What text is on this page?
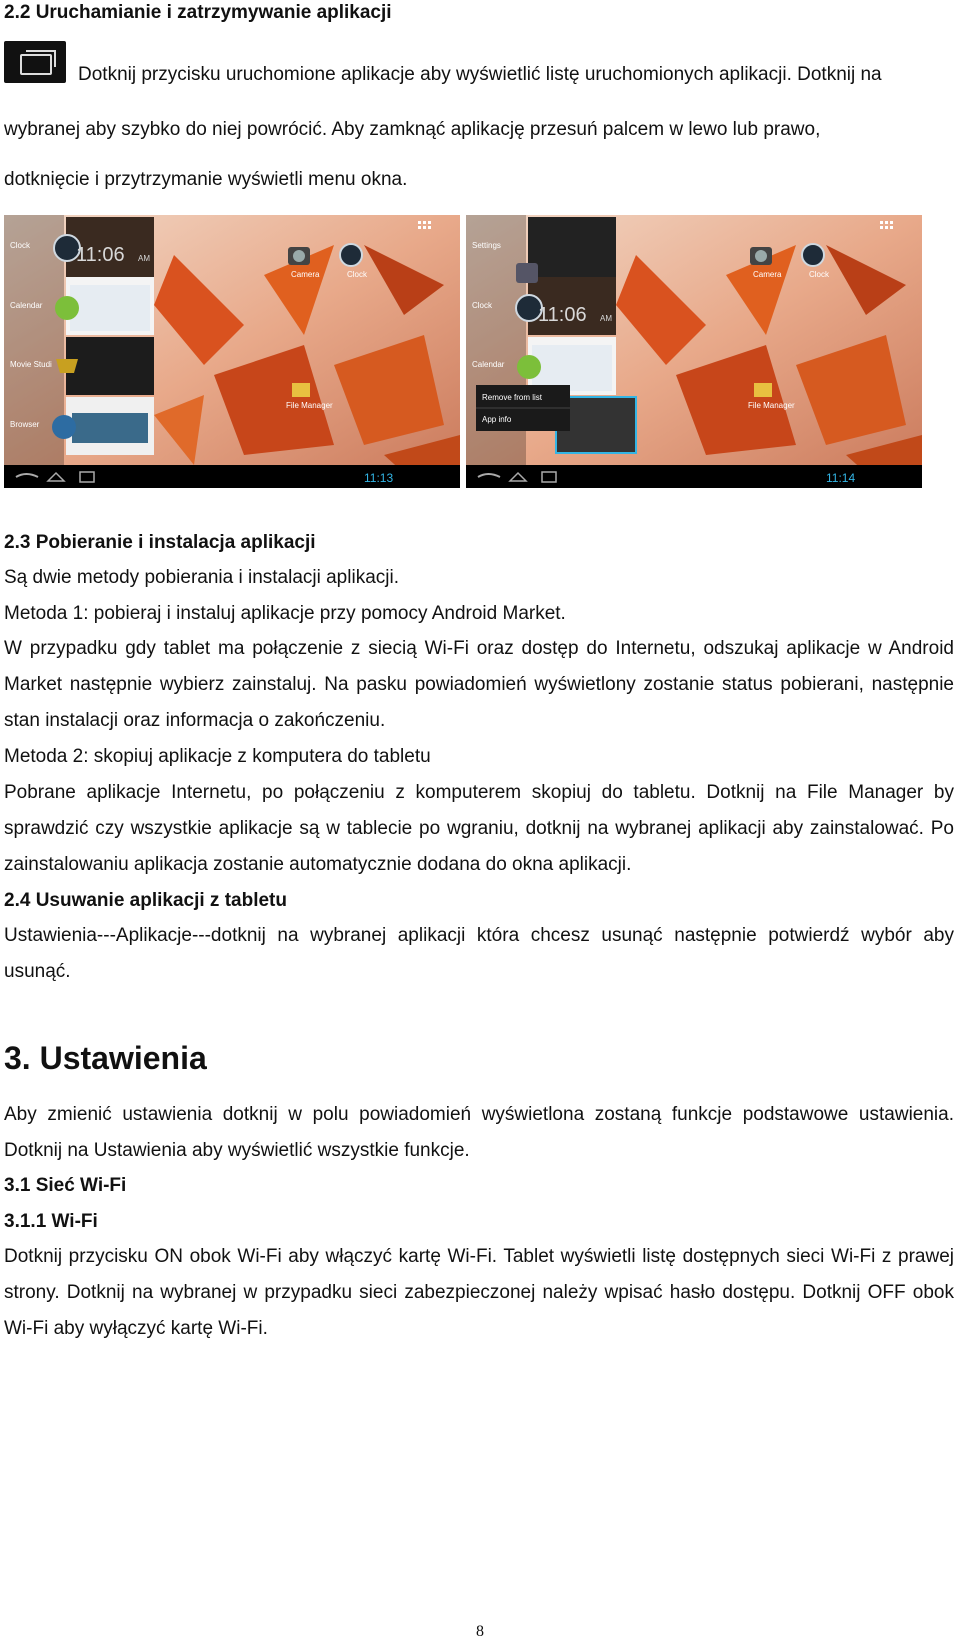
2.2 Uruchamianie i zatrzymywanie aplikacji
Dotknij przycisku uruchomione aplikacje aby wyświetlić listę uruchomionych aplikacji. Dotknij na
wybranej aby szybko do niej powrócić. Aby zamknąć aplikację przesuń palcem w lewo lub prawo,
dotknięcie i przytrzymanie wyświetli menu okna.
Clock
Calendar
Movie Studi
Browser
11:06 AM
Camera	Clock
File Manager
11:13
Settings
Clock
Calendar
11:06 AM
Remove from list
App info
Camera	Clock
File Manager
11:14
2.3 Pobieranie i instalacja aplikacji
Są dwie metody pobierania i instalacji aplikacji.
Metoda 1: pobieraj i instaluj aplikacje przy pomocy Android Market.
W przypadku gdy tablet ma połączenie z siecią Wi-Fi oraz dostęp do Internetu, odszukaj aplikacje w Android Market następnie wybierz zainstaluj. Na pasku powiadomień wyświetlony zostanie status pobierani, następnie stan instalacji oraz informacja o zakończeniu.
Metoda 2: skopiuj aplikacje z komputera do tabletu
Pobrane aplikacje Internetu, po połączeniu z komputerem skopiuj do tabletu. Dotknij na File Manager by sprawdzić czy wszystkie aplikacje są w tablecie po wgraniu, dotknij na wybranej aplikacji aby zainstalować. Po zainstalowaniu aplikacja zostanie automatycznie dodana do okna aplikacji.
2.4 Usuwanie aplikacji z tabletu
Ustawienia---Aplikacje---dotknij na wybranej aplikacji która chcesz usunąć następnie potwierdź wybór aby usunąć.
3. Ustawienia
Aby zmienić ustawienia dotknij w polu powiadomień wyświetlona zostaną funkcje podstawowe ustawienia. Dotknij na Ustawienia aby wyświetlić wszystkie funkcje.
3.1 Sieć Wi-Fi
3.1.1 Wi-Fi
Dotknij przycisku ON obok Wi-Fi aby włączyć kartę Wi-Fi. Tablet wyświetli listę dostępnych sieci Wi-Fi z prawej strony. Dotknij na wybranej w przypadku sieci zabezpieczonej należy wpisać hasło dostępu. Dotknij OFF obok Wi-Fi aby wyłączyć kartę Wi-Fi.
8
